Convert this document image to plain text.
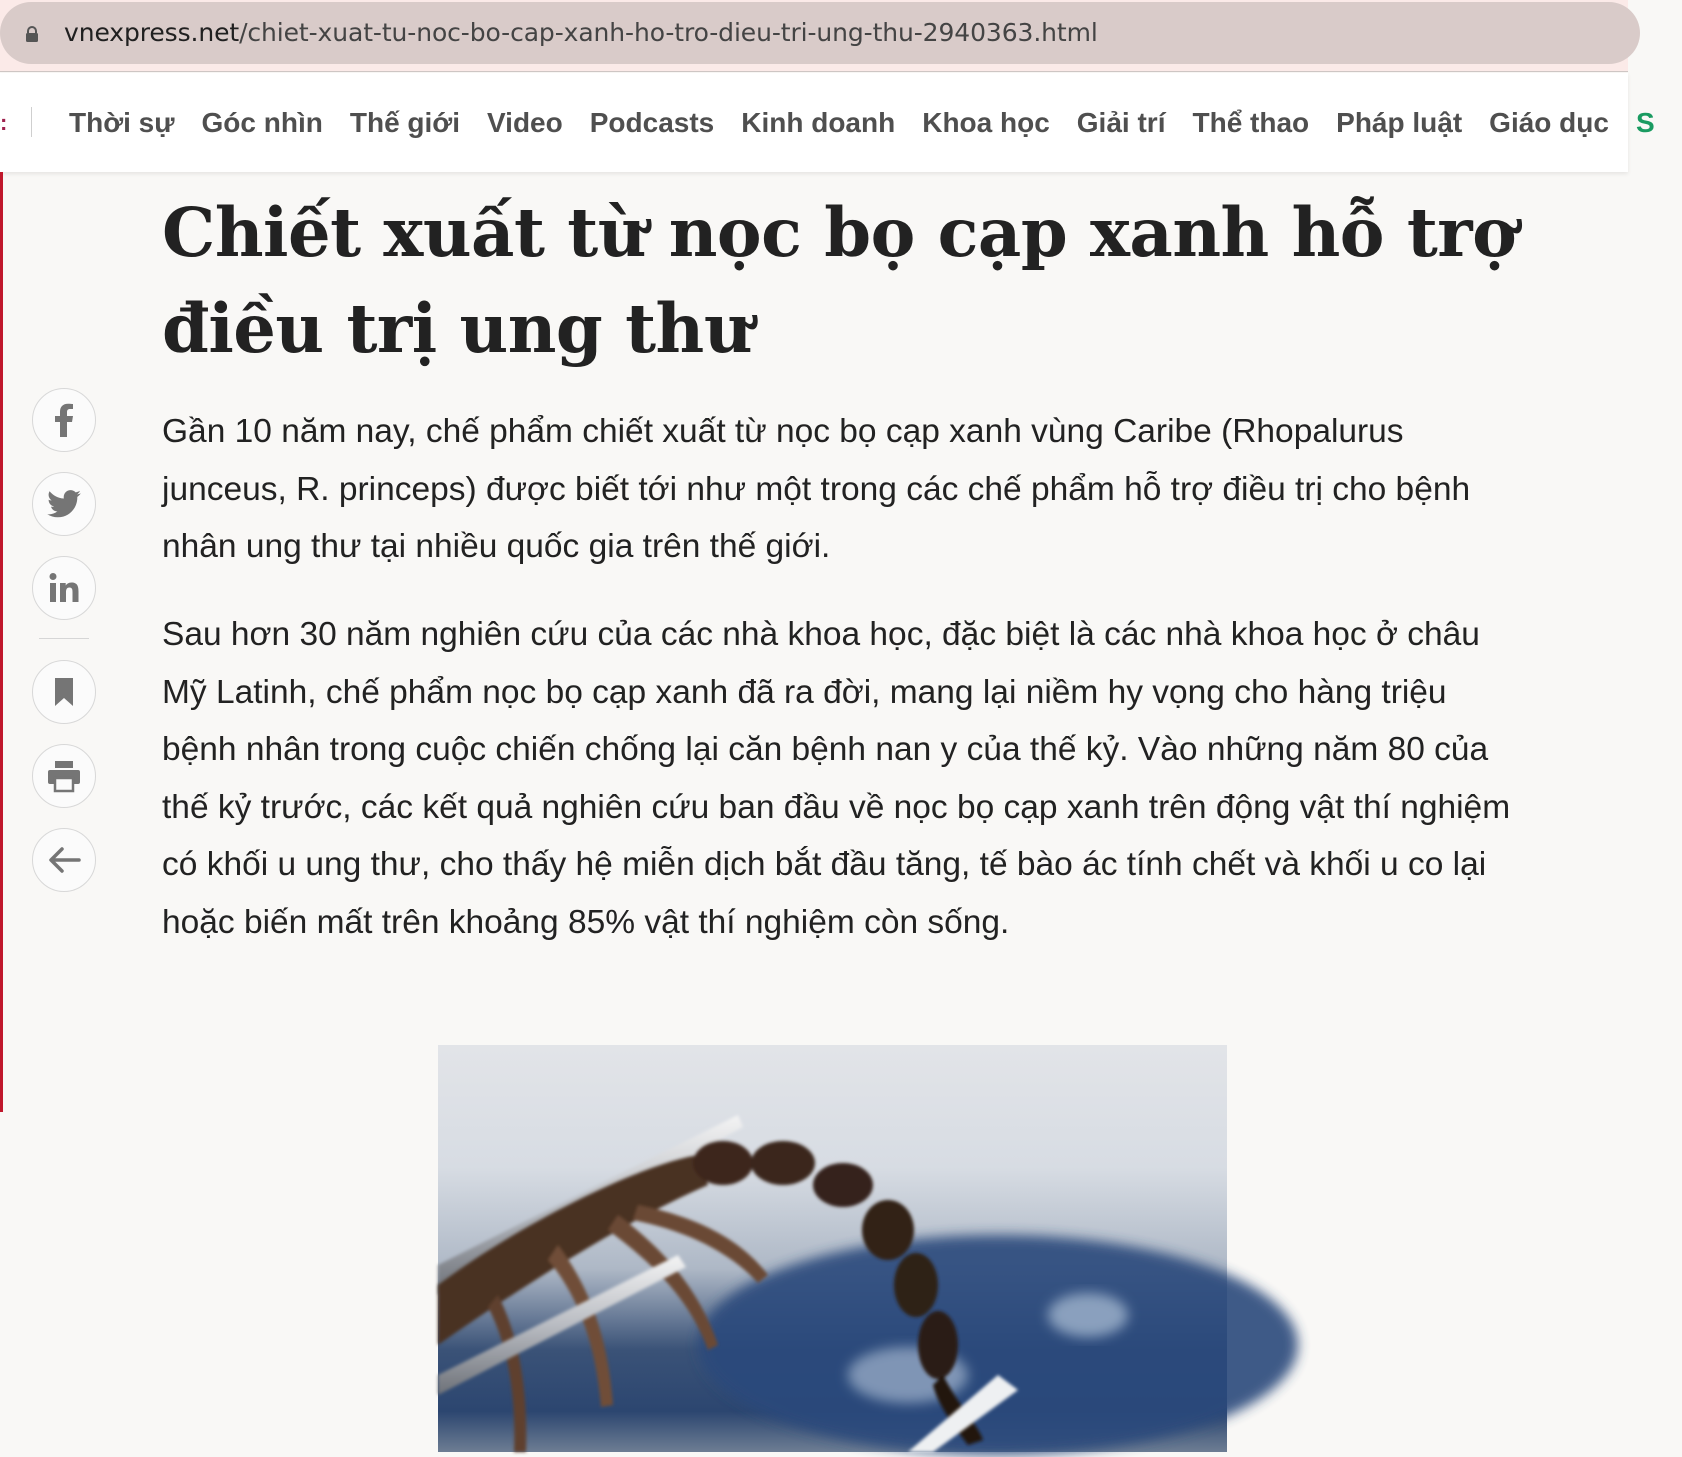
vnexpress.net/chiet-xuat-tu-noc-bo-cap-xanh-ho-tro-dieu-tri-ung-thu-2940363.html
: Thời sự Góc nhìn Thế giới Video Podcasts Kinh doanh Khoa học Giải trí Thể thao Pháp luật Giáo dục S
Chiết xuất từ nọc bọ cạp xanh hỗ trợ điều trị ung thư

Gần 10 năm nay, chế phẩm chiết xuất từ nọc bọ cạp xanh vùng Caribe (Rhopalurus junceus, R. princeps) được biết tới như một trong các chế phẩm hỗ trợ điều trị cho bệnh nhân ung thư tại nhiều quốc gia trên thế giới.

Sau hơn 30 năm nghiên cứu của các nhà khoa học, đặc biệt là các nhà khoa học ở châu Mỹ Latinh, chế phẩm nọc bọ cạp xanh đã ra đời, mang lại niềm hy vọng cho hàng triệu bệnh nhân trong cuộc chiến chống lại căn bệnh nan y của thế kỷ. Vào những năm 80 của thế kỷ trước, các kết quả nghiên cứu ban đầu về nọc bọ cạp xanh trên động vật thí nghiệm có khối u ung thư, cho thấy hệ miễn dịch bắt đầu tăng, tế bào ác tính chết và khối u co lại hoặc biến mất trên khoảng 85% vật thí nghiệm còn sống.
